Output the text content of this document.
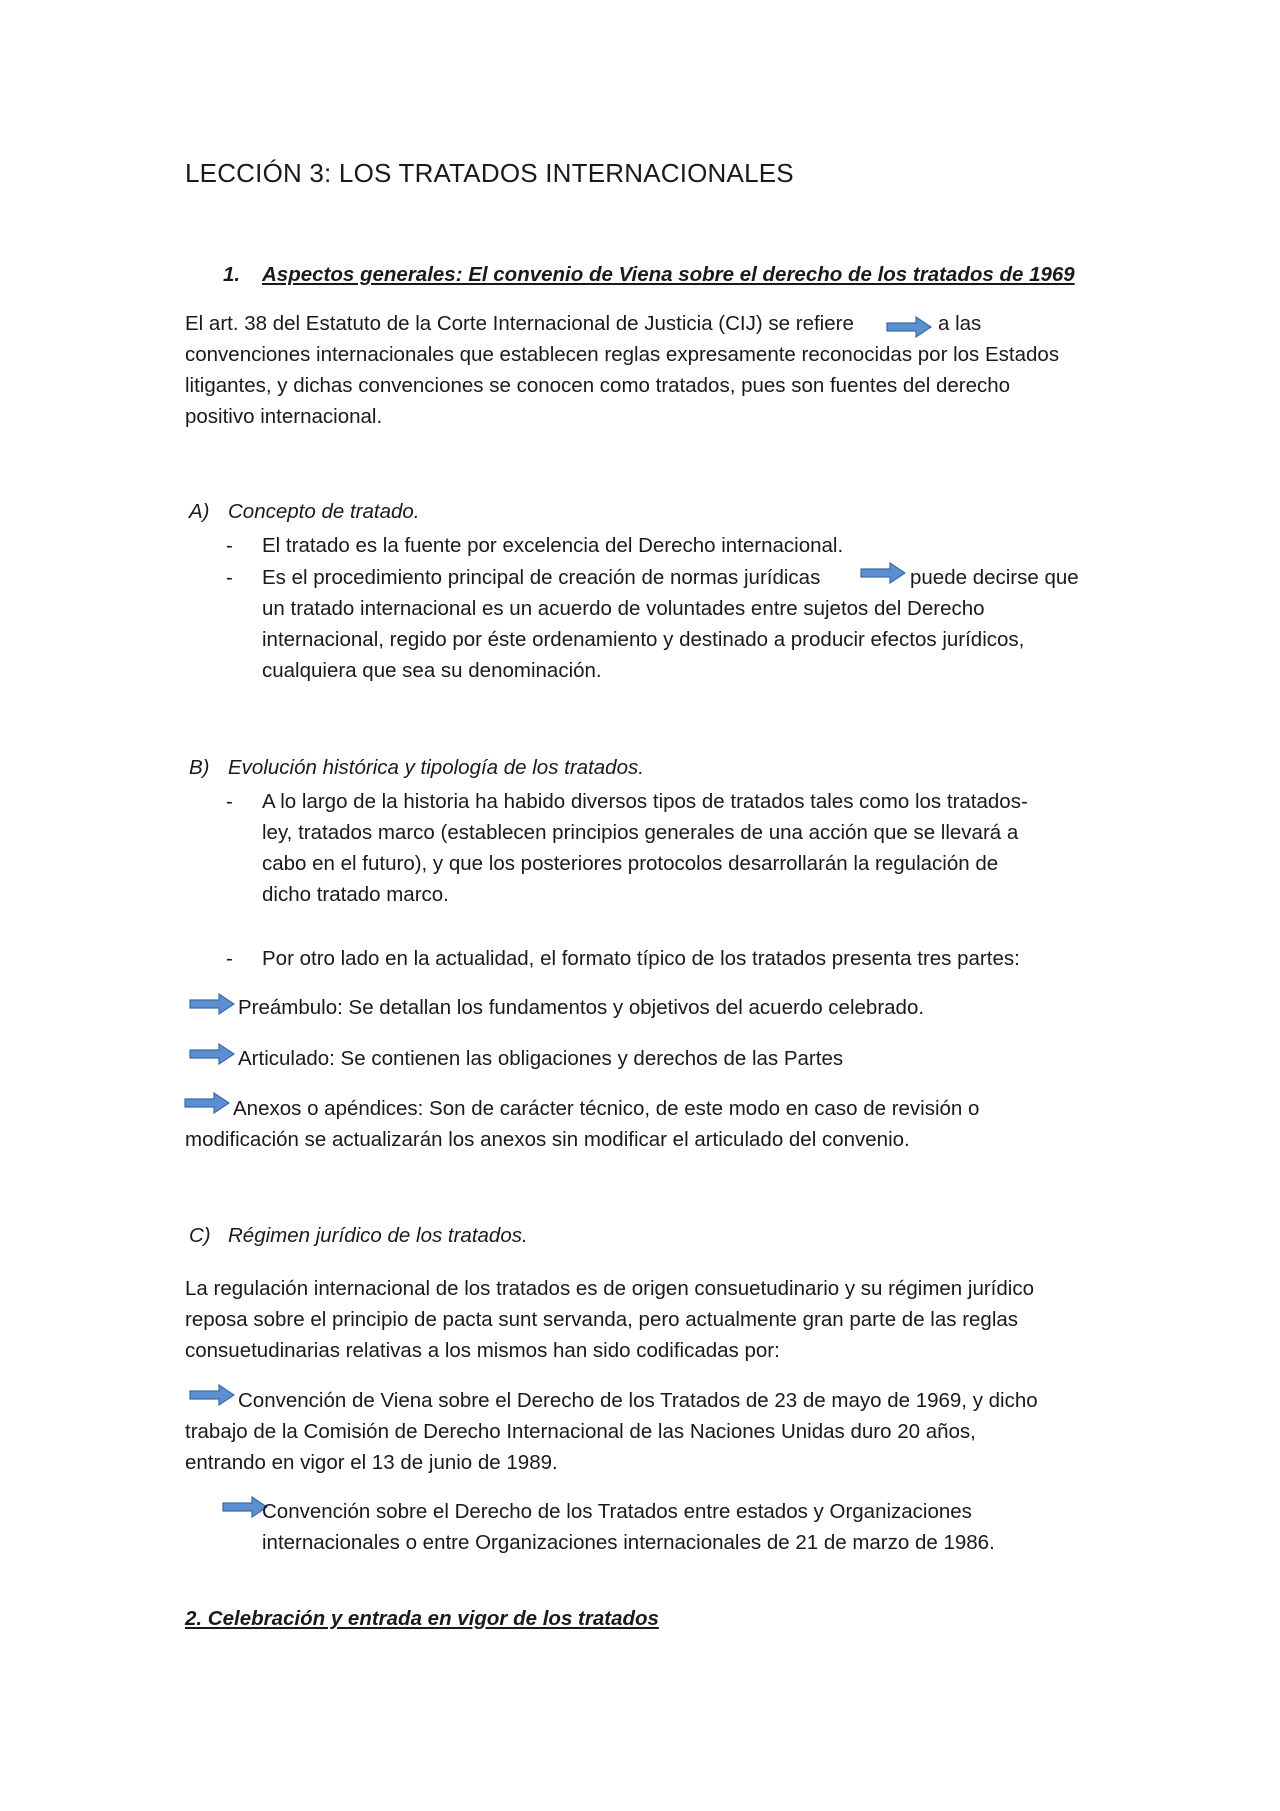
LECCIÓN 3: LOS TRATADOS INTERNACIONALES
1. Aspectos generales: El convenio de Viena sobre el derecho de los tratados de 1969
El art. 38 del Estatuto de la Corte Internacional de Justicia (CIJ) se refiere	a las
convenciones internacionales que establecen reglas expresamente reconocidas por los Estados
litigantes, y dichas convenciones se conocen como tratados, pues son fuentes del derecho
positivo internacional.
A) Concepto de tratado.
- El tratado es la fuente por excelencia del Derecho internacional.
- Es el procedimiento principal de creación de normas jurídicas	puede decirse que
un tratado internacional es un acuerdo de voluntades entre sujetos del Derecho
internacional, regido por éste ordenamiento y destinado a producir efectos jurídicos,
cualquiera que sea su denominación.
B) Evolución histórica y tipología de los tratados.
- A lo largo de la historia ha habido diversos tipos de tratados tales como los tratados-
ley, tratados marco (establecen principios generales de una acción que se llevará a
cabo en el futuro), y que los posteriores protocolos desarrollarán la regulación de
dicho tratado marco.
- Por otro lado en la actualidad, el formato típico de los tratados presenta tres partes:
Preámbulo: Se detallan los fundamentos y objetivos del acuerdo celebrado.
Articulado: Se contienen las obligaciones y derechos de las Partes
Anexos o apéndices: Son de carácter técnico, de este modo en caso de revisión o
modificación se actualizarán los anexos sin modificar el articulado del convenio.
C) Régimen jurídico de los tratados.
La regulación internacional de los tratados es de origen consuetudinario y su régimen jurídico
reposa sobre el principio de pacta sunt servanda, pero actualmente gran parte de las reglas
consuetudinarias relativas a los mismos han sido codificadas por:
Convención de Viena sobre el Derecho de los Tratados de 23 de mayo de 1969, y dicho
trabajo de la Comisión de Derecho Internacional de las Naciones Unidas duro 20 años,
entrando en vigor el 13 de junio de 1989.
Convención sobre el Derecho de los Tratados entre estados y Organizaciones
internacionales o entre Organizaciones internacionales de 21 de marzo de 1986.
2. Celebración y entrada en vigor de los tratados
